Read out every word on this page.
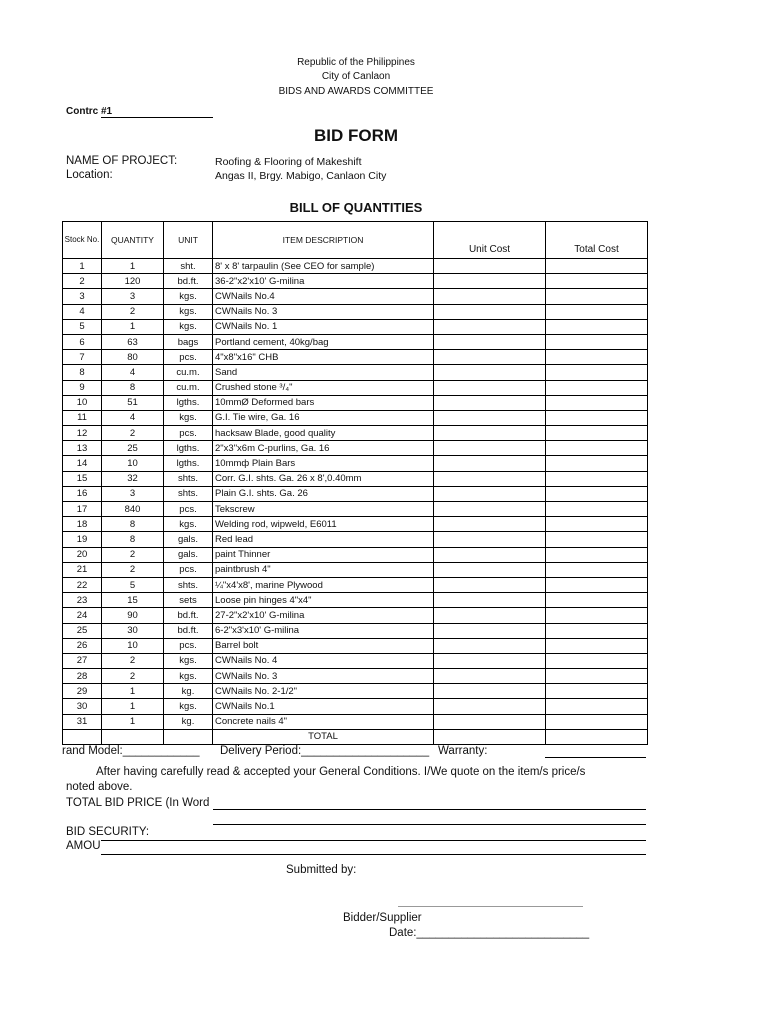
Republic of the Philippines
City of Canlaon
BIDS AND AWARDS COMMITTEE
Contrc #1
BID FORM
NAME OF PROJECT:	Roofing & Flooring of Makeshift
Location:	Angas II, Brgy. Mabigo, Canlaon City
BILL OF QUANTITIES
Stock No.	QUANTITY	UNIT	ITEM DESCRIPTION	Unit Cost	Total Cost
1	1	sht.	8' x 8' tarpaulin (See CEO for sample)		
2	120	bd.ft.	36-2"x2'x10' G-milina		
3	3	kgs.	CWNails No.4		
4	2	kgs.	CWNails No. 3		
5	1	kgs.	CWNails No. 1		
6	63	bags	Portland cement, 40kg/bag		
7	80	pcs.	4"x8"x16" CHB		
8	4	cu.m.	Sand		
9	8	cu.m.	Crushed stone ³/₄"		
10	51	lgths.	10mmØ Deformed bars		
11	4	kgs.	G.I. Tie wire, Ga. 16		
12	2	pcs.	hacksaw Blade, good quality		
13	25	lgths.	2"x3"x6m C-purlins, Ga. 16		
14	10	lgths.	10mmф Plain Bars		
15	32	shts.	Corr. G.I. shts. Ga. 26 x 8',0.40mm		
16	3	shts.	Plain G.I. shts. Ga. 26		
17	840	pcs.	Tekscrew		
18	8	kgs.	Welding rod, wipweld, E6011		
19	8	gals.	Red lead		
20	2	gals.	paint Thinner		
21	2	pcs.	paintbrush 4"		
22	5	shts.	¼"x4'x8', marine Plywood		
23	15	sets	Loose pin hinges 4"x4"		
24	90	bd.ft.	27-2"x2'x10' G-milina		
25	30	bd.ft.	6-2"x3'x10' G-milina		
26	10	pcs.	Barrel bolt		
27	2	kgs.	CWNails No. 4		
28	2	kgs.	CWNails No. 3		
29	1	kg.	CWNails No. 2-1/2"		
30	1	kgs.	CWNails No.1		
31	1	kg.	Concrete nails 4"		
			TOTAL		
rand Model:____________ Delivery Period:____________________ Warranty:
After having carefully read & accepted your General Conditions. I/We quote on the item/s price/s
noted above.
TOTAL BID PRICE (In Word
BID SECURITY:
AMOU
Submitted by:
Bidder/Supplier
Date:___________________________
